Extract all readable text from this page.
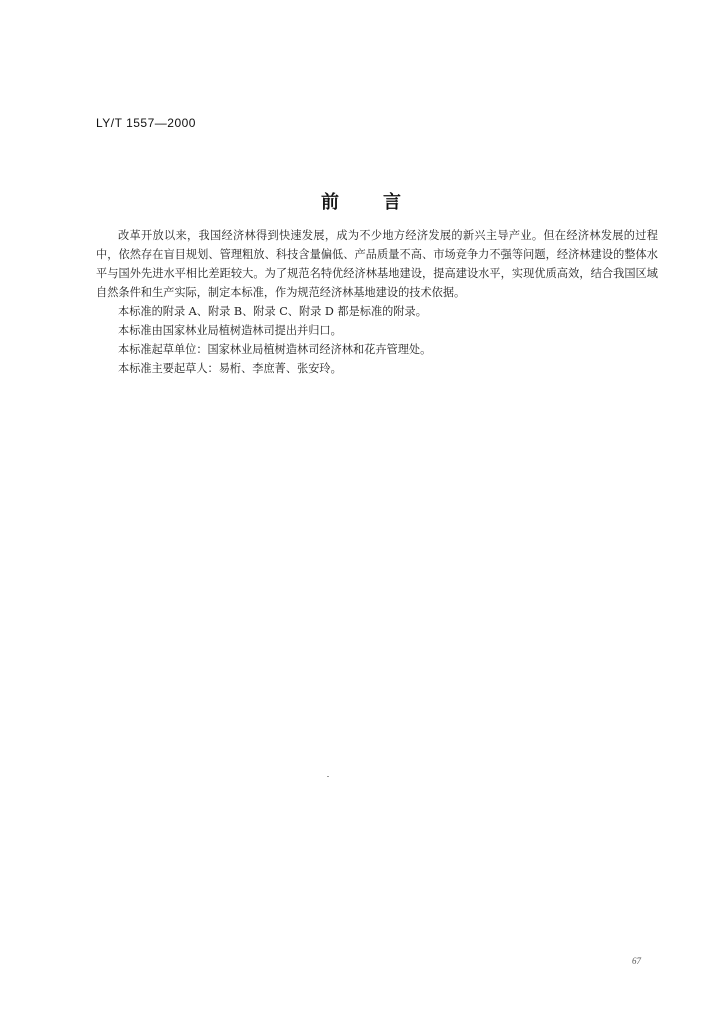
LY/T 1557—2000
前 言

改革开放以来，我国经济林得到快速发展，成为不少地方经济发展的新兴主导产业。但在经济林发展的过程中，依然存在盲目规划、管理粗放、科技含量偏低、产品质量不高、市场竞争力不强等问题，经济林建设的整体水平与国外先进水平相比差距较大。为了规范名特优经济林基地建设，提高建设水平，实现优质高效，结合我国区域自然条件和生产实际，制定本标准，作为规范经济林基地建设的技术依据。

本标准的附录 A、附录 B、附录 C、附录 D 都是标准的附录。

本标准由国家林业局植树造林司提出并归口。

本标准起草单位：国家林业局植树造林司经济林和花卉管理处。

本标准主要起草人：易桁、李庶菁、张安玲。

67
